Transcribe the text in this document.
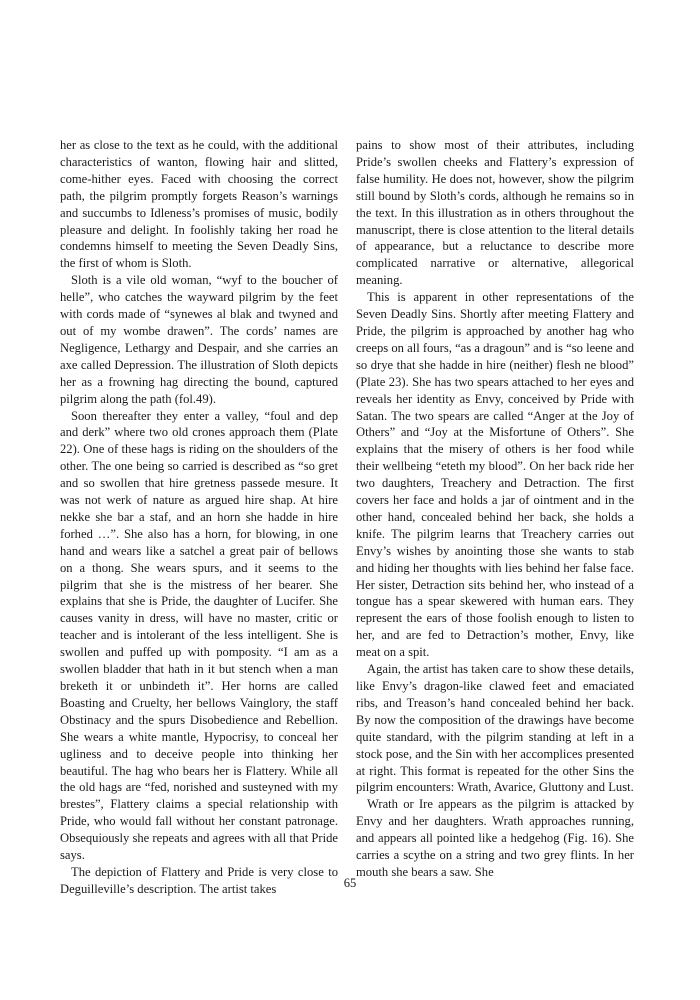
her as close to the text as he could, with the additional characteristics of wanton, flowing hair and slitted, come-hither eyes. Faced with choosing the correct path, the pilgrim promptly forgets Reason’s warnings and succumbs to Idleness’s promises of music, bodily pleasure and delight. In foolishly taking her road he condemns himself to meeting the Seven Deadly Sins, the first of whom is Sloth.

Sloth is a vile old woman, “wyf to the boucher of helle”, who catches the wayward pilgrim by the feet with cords made of “synewes al blak and twyned and out of my wombe drawen”. The cords’ names are Negligence, Lethargy and Despair, and she carries an axe called Depression. The illustration of Sloth depicts her as a frowning hag directing the bound, captured pilgrim along the path (fol.49).

Soon thereafter they enter a valley, “foul and dep and derk” where two old crones approach them (Plate 22). One of these hags is riding on the shoulders of the other. The one being so carried is described as “so gret and so swollen that hire gretness passede mesure. It was not werk of nature as argued hire shap. At hire nekke she bar a staf, and an horn she hadde in hire forhed …”. She also has a horn, for blowing, in one hand and wears like a satchel a great pair of bellows on a thong. She wears spurs, and it seems to the pilgrim that she is the mistress of her bearer. She explains that she is Pride, the daughter of Lucifer. She causes vanity in dress, will have no master, critic or teacher and is intolerant of the less intelligent. She is swollen and puffed up with pomposity. “I am as a swollen bladder that hath in it but stench when a man breketh it or unbindeth it”. Her horns are called Boasting and Cruelty, her bellows Vainglory, the staff Obstinacy and the spurs Disobedience and Rebellion. She wears a white mantle, Hypocrisy, to conceal her ugliness and to deceive people into thinking her beautiful. The hag who bears her is Flattery. While all the old hags are “fed, norished and susteyned with my brestes”, Flattery claims a special relationship with Pride, who would fall without her constant patronage. Obsequiously she repeats and agrees with all that Pride says.

The depiction of Flattery and Pride is very close to Deguilleville’s description. The artist takes

pains to show most of their attributes, including Pride’s swollen cheeks and Flattery’s expression of false humility. He does not, however, show the pilgrim still bound by Sloth’s cords, although he remains so in the text. In this illustration as in others throughout the manuscript, there is close attention to the literal details of appearance, but a reluctance to describe more complicated narrative or alternative, allegorical meaning.

This is apparent in other representations of the Seven Deadly Sins. Shortly after meeting Flattery and Pride, the pilgrim is approached by another hag who creeps on all fours, “as a dragoun” and is “so leene and so drye that she hadde in hire (neither) flesh ne blood” (Plate 23). She has two spears attached to her eyes and reveals her identity as Envy, conceived by Pride with Satan. The two spears are called “Anger at the Joy of Others” and “Joy at the Misfortune of Others”. She explains that the misery of others is her food while their wellbeing “eteth my blood”. On her back ride her two daughters, Treachery and Detraction. The first covers her face and holds a jar of ointment and in the other hand, concealed behind her back, she holds a knife. The pilgrim learns that Treachery carries out Envy’s wishes by anointing those she wants to stab and hiding her thoughts with lies behind her false face. Her sister, Detraction sits behind her, who instead of a tongue has a spear skewered with human ears. They represent the ears of those foolish enough to listen to her, and are fed to Detraction’s mother, Envy, like meat on a spit.

Again, the artist has taken care to show these details, like Envy’s dragon-like clawed feet and emaciated ribs, and Treason’s hand concealed behind her back. By now the composition of the drawings have become quite standard, with the pilgrim standing at left in a stock pose, and the Sin with her accomplices presented at right. This format is repeated for the other Sins the pilgrim encounters: Wrath, Avarice, Gluttony and Lust.

Wrath or Ire appears as the pilgrim is attacked by Envy and her daughters. Wrath approaches running, and appears all pointed like a hedgehog (Fig. 16). She carries a scythe on a string and two grey flints. In her mouth she bears a saw. She

65
